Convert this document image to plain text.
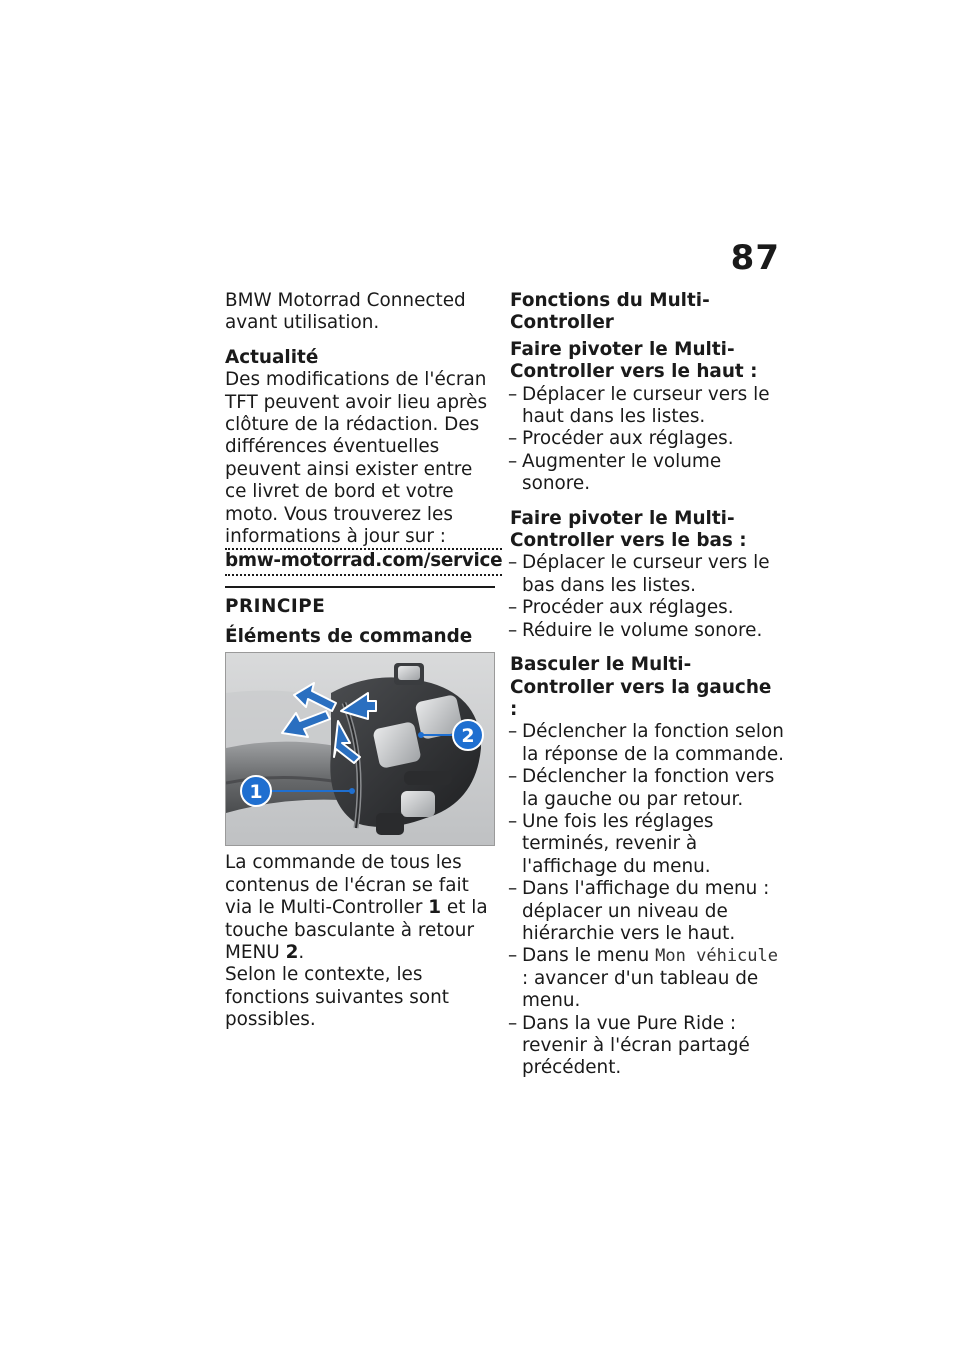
87

BMW Motorrad Connected avant utilisation.

Actualité

Des modifications de l'écran TFT peuvent avoir lieu après clôture de la rédaction. Des différences éventuelles peuvent ainsi exister entre ce livret de bord et votre moto. Vous trouverez les informations à jour sur :

bmw-motorrad.com/service

PRINCIPE

Éléments de commande

1
2

La commande de tous les contenus de l'écran se fait via le Multi-Controller 1 et la touche basculante à retour MENU 2.

Selon le contexte, les fonctions suivantes sont possibles.

Fonctions du Multi-Controller

Faire pivoter le Multi-Controller vers le haut :

– Déplacer le curseur vers le haut dans les listes.
– Procéder aux réglages.
– Augmenter le volume sonore.

Faire pivoter le Multi-Controller vers le bas :

– Déplacer le curseur vers le bas dans les listes.
– Procéder aux réglages.
– Réduire le volume sonore.

Basculer le Multi-Controller vers la gauche :

– Déclencher la fonction selon la réponse de la commande.
– Déclencher la fonction vers la gauche ou par retour.
– Une fois les réglages terminés, revenir à l'affichage du menu.
– Dans l'affichage du menu : déplacer un niveau de hiérarchie vers le haut.
– Dans le menu Mon véhicule : avancer d'un tableau de menu.
– Dans la vue Pure Ride : revenir à l'écran partagé précédent.
